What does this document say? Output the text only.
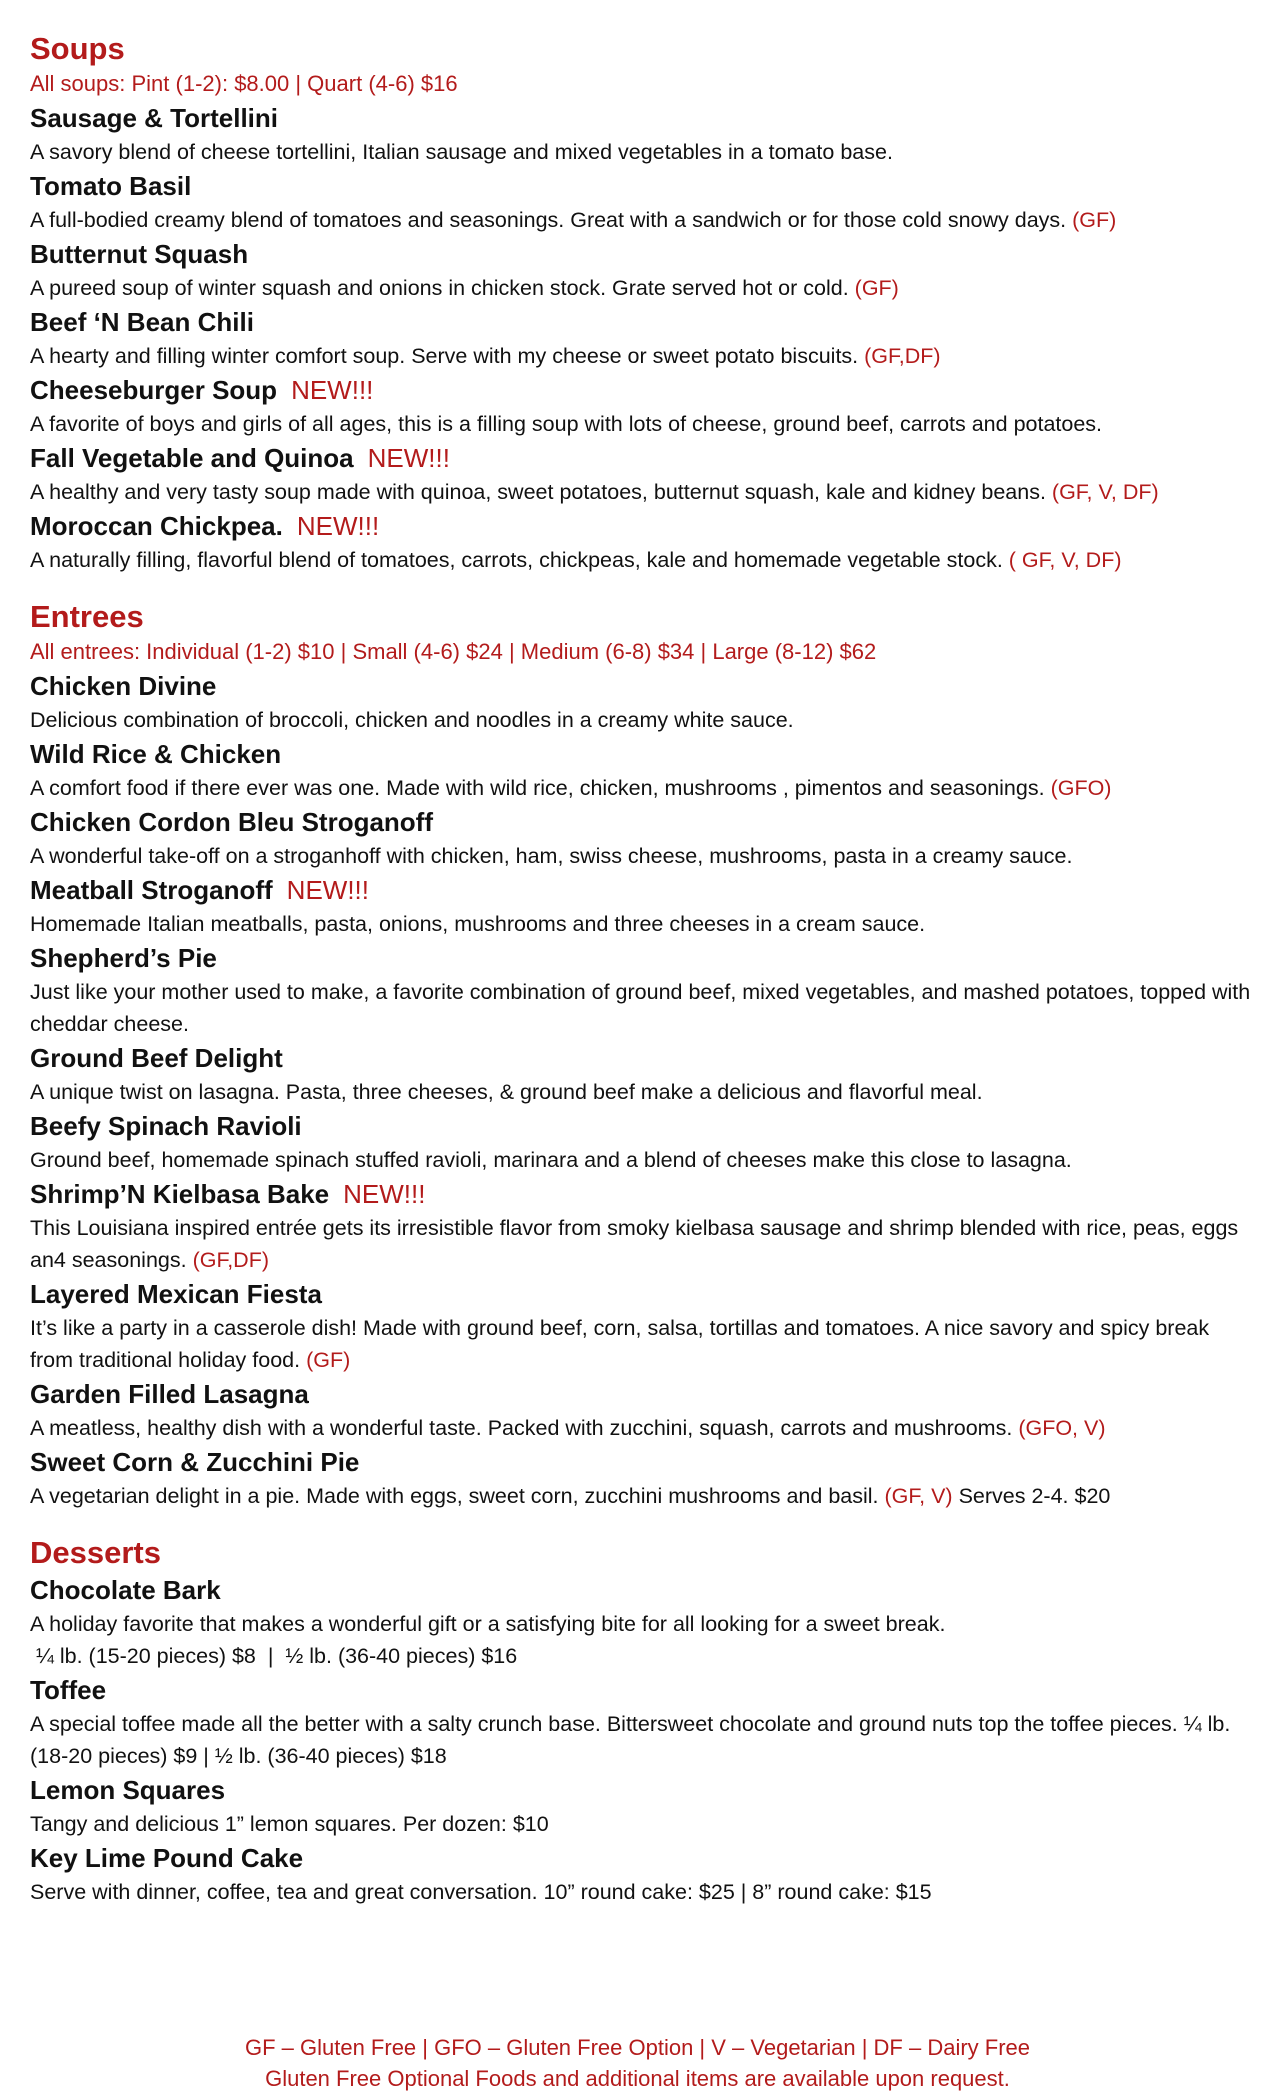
Soups
All soups: Pint (1-2): $8.00 | Quart (4-6) $16
Sausage & Tortellini
A savory blend of cheese tortellini, Italian sausage and mixed vegetables in a tomato base.
Tomato Basil
A full-bodied creamy blend of tomatoes and seasonings. Great with a sandwich or for those cold snowy days. (GF)
Butternut Squash
A pureed soup of winter squash and onions in chicken stock. Grate served hot or cold. (GF)
Beef ‘N Bean Chili
A hearty and filling winter comfort soup. Serve with my cheese or sweet potato biscuits. (GF,DF)
Cheeseburger Soup NEW!!!
A favorite of boys and girls of all ages, this is a filling soup with lots of cheese, ground beef, carrots and potatoes.
Fall Vegetable and Quinoa NEW!!!
A healthy and very tasty soup made with quinoa, sweet potatoes, butternut squash, kale and kidney beans. (GF, V, DF)
Moroccan Chickpea. NEW!!!
A naturally filling, flavorful blend of tomatoes, carrots, chickpeas, kale and homemade vegetable stock. ( GF, V, DF)
Entrees
All entrees: Individual (1-2) $10 | Small (4-6) $24 | Medium (6-8) $34 | Large (8-12) $62
Chicken Divine
Delicious combination of broccoli, chicken and noodles in a creamy white sauce.
Wild Rice & Chicken
A comfort food if there ever was one. Made with wild rice, chicken, mushrooms , pimentos and seasonings. (GFO)
Chicken Cordon Bleu Stroganoff
A wonderful take-off on a stroganhoff with chicken, ham, swiss cheese, mushrooms, pasta in a creamy sauce.
Meatball Stroganoff NEW!!!
Homemade Italian meatballs, pasta, onions, mushrooms and three cheeses in a cream sauce.
Shepherd’s Pie
Just like your mother used to make, a favorite combination of ground beef, mixed vegetables, and mashed potatoes, topped with cheddar cheese.
Ground Beef Delight
A unique twist on lasagna. Pasta, three cheeses, & ground beef make a delicious and flavorful meal.
Beefy Spinach Ravioli
Ground beef, homemade spinach stuffed ravioli, marinara and a blend of cheeses make this close to lasagna.
Shrimp’N Kielbasa Bake NEW!!!
This Louisiana inspired entrée gets its irresistible flavor from smoky kielbasa sausage and shrimp blended with rice, peas, eggs an4 seasonings. (GF,DF)
Layered Mexican Fiesta
It’s like a party in a casserole dish! Made with ground beef, corn, salsa, tortillas and tomatoes. A nice savory and spicy break from traditional holiday food. (GF)
Garden Filled Lasagna
A meatless, healthy dish with a wonderful taste. Packed with zucchini, squash, carrots and mushrooms. (GFO, V)
Sweet Corn & Zucchini Pie
A vegetarian delight in a pie. Made with eggs, sweet corn, zucchini mushrooms and basil. (GF, V) Serves 2-4. $20
Desserts
Chocolate Bark
A holiday favorite that makes a wonderful gift or a satisfying bite for all looking for a sweet break.
¼ lb. (15-20 pieces) $8  |  ½ lb. (36-40 pieces) $16
Toffee
A special toffee made all the better with a salty crunch base. Bittersweet chocolate and ground nuts top the toffee pieces. ¼ lb. (18-20 pieces) $9 | ½ lb. (36-40 pieces) $18
Lemon Squares
Tangy and delicious 1” lemon squares. Per dozen: $10
Key Lime Pound Cake
Serve with dinner, coffee, tea and great conversation. 10” round cake: $25 | 8” round cake: $15
GF – Gluten Free | GFO – Gluten Free Option | V – Vegetarian | DF – Dairy Free
Gluten Free Optional Foods and additional items are available upon request.
